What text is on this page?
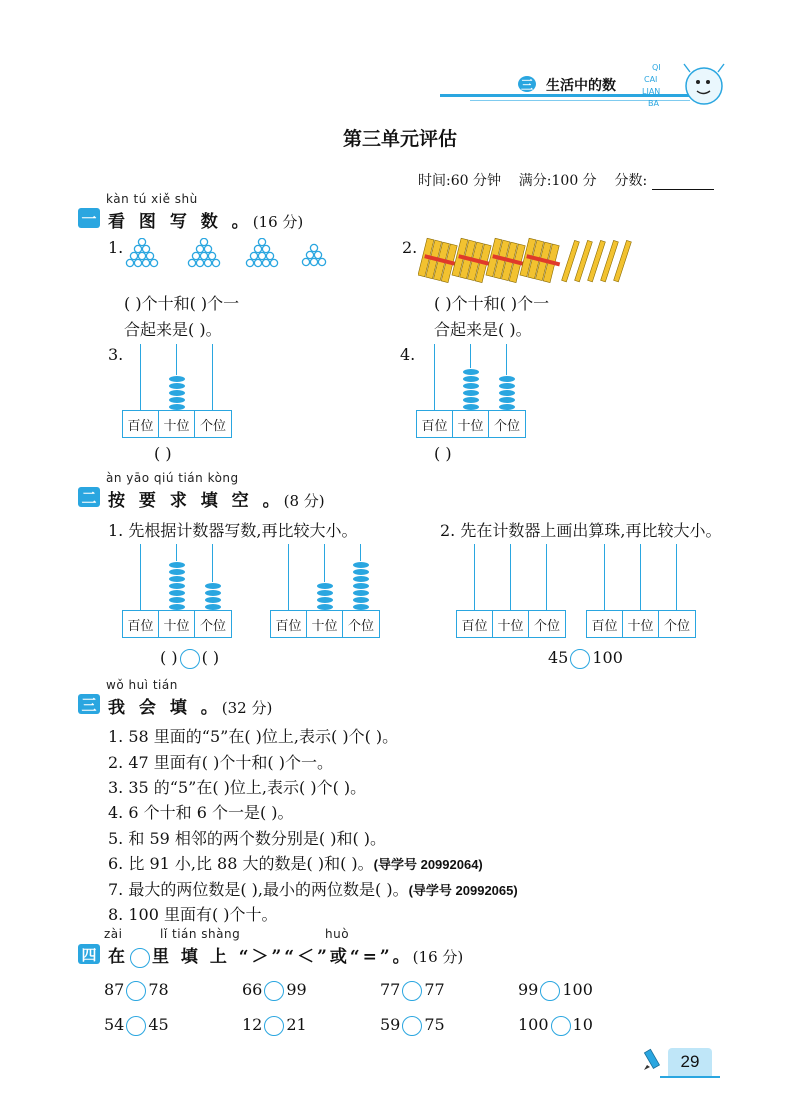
三 生活中的数
QI
CAI
LIAN
BA
第三单元评估
时间:60 分钟 满分:100 分 分数:
kàn tú xiě shù
一 看 图 写 数 。(16 分)
1.	2.
( )个十和( )个一
合起来是( )。
( )个十和( )个一
合起来是( )。
3.
百位 十位 个位
( )
4.
百位 十位 个位
( )
àn yāo qiú tián kòng
二 按 要 求 填 空 。(8 分)
1. 先根据计数器写数,再比较大小。	2. 先在计数器上画出算珠,再比较大小。
百位 十位 个位	百位 十位 个位	百位 十位 个位	百位 十位 个位
( ) ( )	45 100
wǒ huì tián
三 我 会 填 。(32 分)
1. 58 里面的“5”在( )位上,表示( )个( )。
2. 47 里面有( )个十和( )个一。
3. 35 的“5”在( )位上,表示( )个( )。
4. 6 个十和 6 个一是( )。
5. 和 59 相邻的两个数分别是( )和( )。
6. 比 91 小,比 88 大的数是( )和( )。(导学号 20992064)
7. 最大的两位数是( ),最小的两位数是( )。(导学号 20992065)
8. 100 里面有( )个十。
zài	lǐ tián shàng	huò
四 在 里 填 上 “＞”“＜”或“=”。(16 分)
87 78	66 99	77 77	99 100
54 45	12 21	59 75	100 10
29
